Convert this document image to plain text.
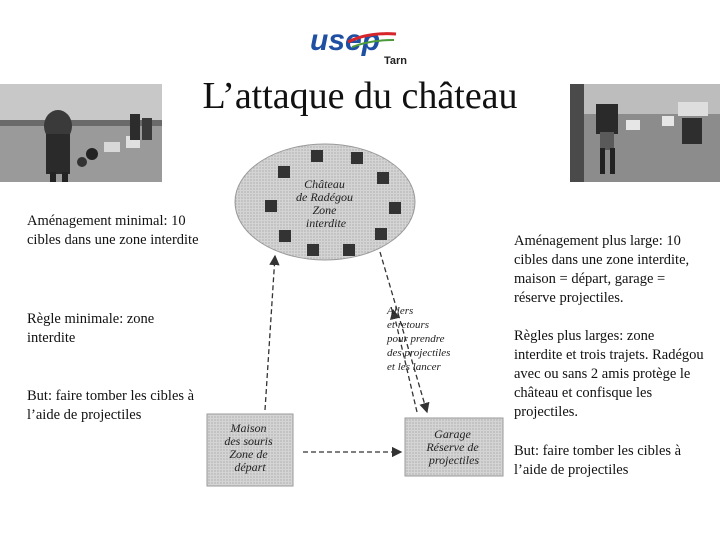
usep
Tarn
L’attaque du château
Aménagement minimal: 10 cibles dans une zone interdite
Règle minimale: zone interdite
But: faire tomber les cibles à l’aide de projectiles
Aménagement plus large: 10 cibles dans une zone interdite, maison = départ, garage = réserve projectiles.
Règles plus larges: zone interdite et trois trajets. Radégou avec ou sans 2 amis protège le château et confisque les projectiles.
But: faire tomber les cibles à l’aide de projectiles
Château de Radégou Zone interdite
Allers et retours pour prendre des projectiles et les lancer
Maison des souris Zone de départ
Garage Réserve de projectiles
